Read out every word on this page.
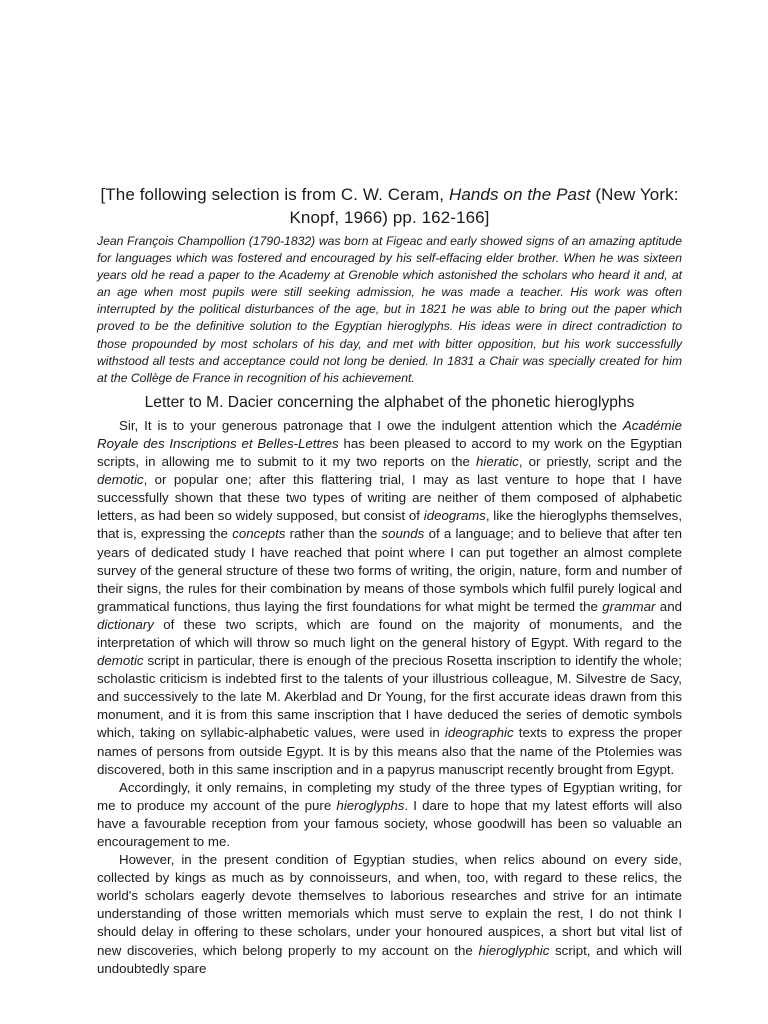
[The following selection is from C. W. Ceram, Hands on the Past (New York: Knopf, 1966) pp. 162-166]

Jean François Champollion (1790-1832) was born at Figeac and early showed signs of an amazing aptitude for languages which was fostered and encouraged by his self-effacing elder brother. When he was sixteen years old he read a paper to the Academy at Grenoble which astonished the scholars who heard it and, at an age when most pupils were still seeking admission, he was made a teacher. His work was often interrupted by the political disturbances of the age, but in 1821 he was able to bring out the paper which proved to be the definitive solution to the Egyptian hieroglyphs. His ideas were in direct contradiction to those propounded by most scholars of his day, and met with bitter opposition, but his work successfully withstood all tests and acceptance could not long be denied. In 1831 a Chair was specially created for him at the Collège de France in recognition of his achievement.

Letter to M. Dacier concerning the alphabet of the phonetic hieroglyphs

Sir, It is to your generous patronage that I owe the indulgent attention which the Académie Royale des Inscriptions et Belles-Lettres has been pleased to accord to my work on the Egyptian scripts, in allowing me to submit to it my two reports on the hieratic, or priestly, script and the demotic, or popular one; after this flattering trial, I may as last venture to hope that I have successfully shown that these two types of writing are neither of them composed of alphabetic letters, as had been so widely supposed, but consist of ideograms, like the hieroglyphs themselves, that is, expressing the concepts rather than the sounds of a language; and to believe that after ten years of dedicated study I have reached that point where I can put together an almost complete survey of the general structure of these two forms of writing, the origin, nature, form and number of their signs, the rules for their combination by means of those symbols which fulfil purely logical and grammatical functions, thus laying the first foundations for what might be termed the grammar and dictionary of these two scripts, which are found on the majority of monuments, and the interpretation of which will throw so much light on the general history of Egypt. With regard to the demotic script in particular, there is enough of the precious Rosetta inscription to identify the whole; scholastic criticism is indebted first to the talents of your illustrious colleague, M. Silvestre de Sacy, and successively to the late M. Akerblad and Dr Young, for the first accurate ideas drawn from this monument, and it is from this same inscription that I have deduced the series of demotic symbols which, taking on syllabic-alphabetic values, were used in ideographic texts to express the proper names of persons from outside Egypt. It is by this means also that the name of the Ptolemies was discovered, both in this same inscription and in a papyrus manuscript recently brought from Egypt.

Accordingly, it only remains, in completing my study of the three types of Egyptian writing, for me to produce my account of the pure hieroglyphs. I dare to hope that my latest efforts will also have a favourable reception from your famous society, whose goodwill has been so valuable an encouragement to me.

However, in the present condition of Egyptian studies, when relics abound on every side, collected by kings as much as by connoisseurs, and when, too, with regard to these relics, the world's scholars eagerly devote themselves to laborious researches and strive for an intimate understanding of those written memorials which must serve to explain the rest, I do not think I should delay in offering to these scholars, under your honoured auspices, a short but vital list of new discoveries, which belong properly to my account on the hieroglyphic script, and which will undoubtedly spare
